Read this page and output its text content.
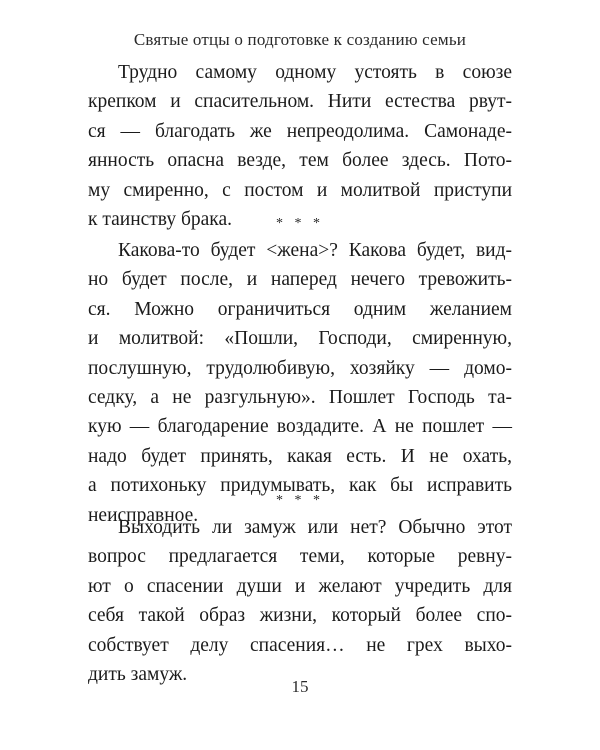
Святые отцы о подготовке к созданию семьи
Трудно самому одному устоять в союзе
крепком и спасительном. Нити естества рвут-
ся — благодать же непреодолима. Самонаде-
янность опасна везде, тем более здесь. Пото-
му смиренно, с постом и молитвой приступи
к таинству брака.	* * *
Какова-то будет <жена>? Какова будет, вид-
но будет после, и наперед нечего тревожить-
ся. Можно ограничиться одним желанием
и молитвой: «Пошли, Господи, смиренную,
послушную, трудолюбивую, хозяйку — домо-
седку, а не разгульную». Пошлет Господь та-
кую — благодарение воздадите. А не пошлет —
надо будет принять, какая есть. И не охать,
а потихоньку придумывать, как бы исправить
неисправное.
* * *
Выходить ли замуж или нет? Обычно этот
вопрос предлагается теми, которые ревну-
ют о спасении души и желают учредить для
себя такой образ жизни, который более спо-
собствует делу спасения… не грех выхо-
дить замуж.
15
